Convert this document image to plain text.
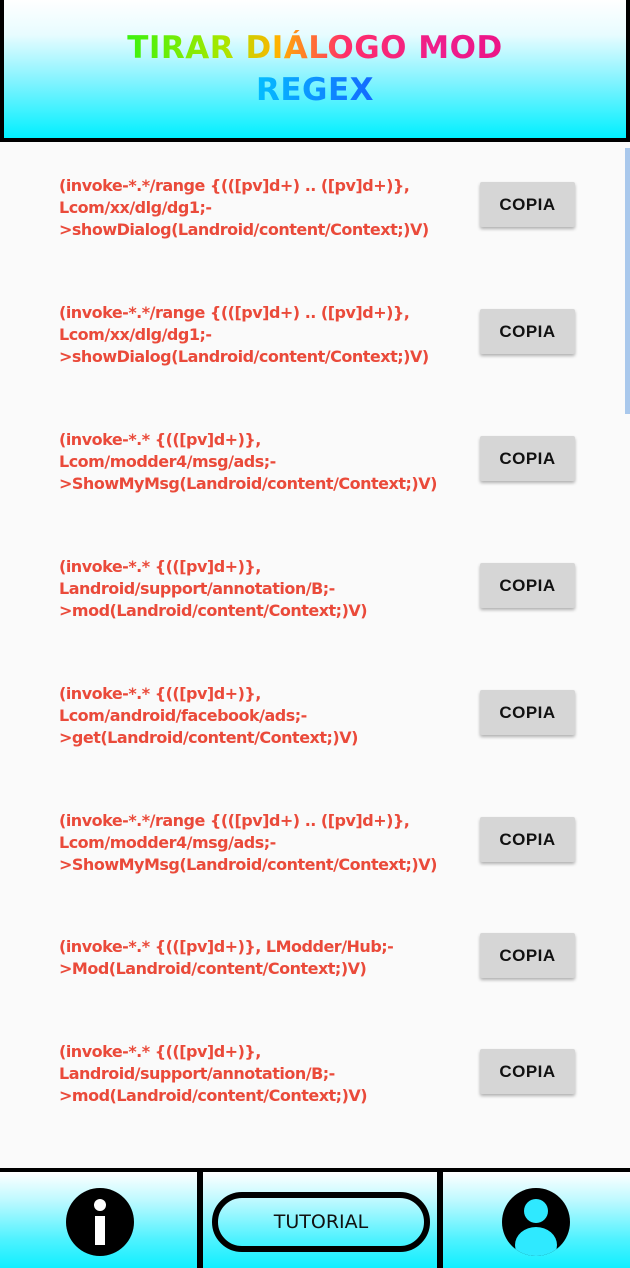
TIRAR DIÁLOGO MOD
REGEX
(invoke-*.*/range {(([pv]d+) .. ([pv]d+)}, Lcom/xx/dlg/dg1;->showDialog(Landroid/content/Context;)V)
COPIA
(invoke-*.*/range {(([pv]d+) .. ([pv]d+)}, Lcom/xx/dlg/dg1;->showDialog(Landroid/content/Context;)V)
COPIA
(invoke-*.* {(([pv]d+)}, Lcom/modder4/msg/ads;->ShowMyMsg(Landroid/content/Context;)V)
COPIA
(invoke-*.* {(([pv]d+)}, Landroid/support/annotation/B;->mod(Landroid/content/Context;)V)
COPIA
(invoke-*.* {(([pv]d+)}, Lcom/android/facebook/ads;->get(Landroid/content/Context;)V)
COPIA
(invoke-*.*/range {(([pv]d+) .. ([pv]d+)}, Lcom/modder4/msg/ads;->ShowMyMsg(Landroid/content/Context;)V)
COPIA
(invoke-*.* {(([pv]d+)}, LModder/Hub;->Mod(Landroid/content/Context;)V)
COPIA
(invoke-*.* {(([pv]d+)}, Landroid/support/annotation/B;->mod(Landroid/content/Context;)V)
COPIA
TUTORIAL
